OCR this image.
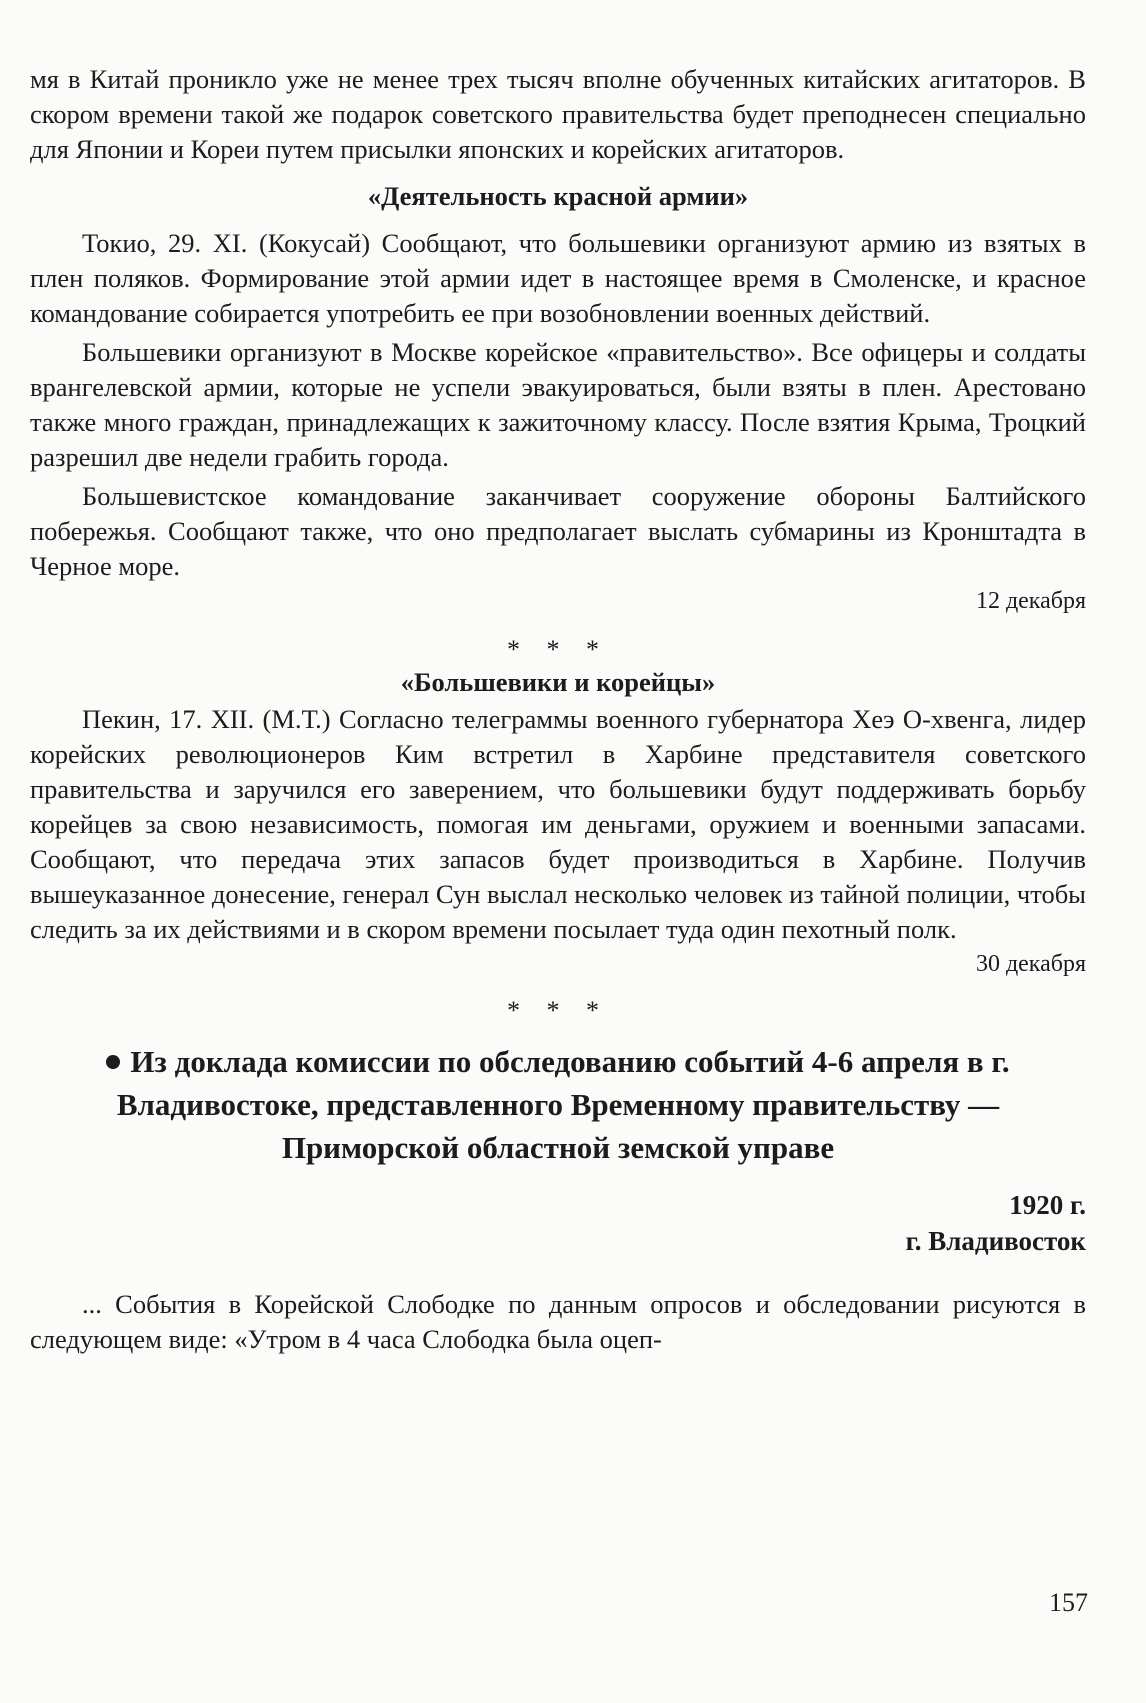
мя в Китай проникло уже не менее трех тысяч вполне обученных китайских агитаторов. В скором времени такой же подарок советского правительства будет преподнесен специально для Японии и Кореи путем присылки японских и корейских агитаторов.

«Деятельность красной армии»

Токио, 29. XI. (Кокусай) Сообщают, что большевики организуют армию из взятых в плен поляков. Формирование этой армии идет в настоящее время в Смоленске, и красное командование собирается употребить ее при возобновлении военных действий.

Большевики организуют в Москве корейское «правительство». Все офицеры и солдаты врангелевской армии, которые не успели эвакуироваться, были взяты в плен. Арестовано также много граждан, принадлежащих к зажиточному классу. После взятия Крыма, Троцкий разрешил две недели грабить города.

Большевистское командование заканчивает сооружение обороны Балтийского побережья. Сообщают также, что оно предполагает выслать субмарины из Кронштадта в Черное море.

12 декабря
* * *
«Большевики и корейцы»

Пекин, 17. XII. (М.Т.) Согласно телеграммы военного губернатора Хеэ О-хвенга, лидер корейских революционеров Ким встретил в Харбине представителя советского правительства и заручился его заверением, что большевики будут поддерживать борьбу корейцев за свою независимость, помогая им деньгами, оружием и военными запасами. Сообщают, что передача этих запасов будет производиться в Харбине. Получив вышеуказанное донесение, генерал Сун выслал несколько человек из тайной полиции, чтобы следить за их действиями и в скором времени посылает туда один пехотный полк.

30 декабря
* * *
Из доклада комиссии по обследованию событий 4-6 апреля в г. Владивостоке, представленного Временному правительству — Приморской областной земской управе
1920 г.
г. Владивосток

... События в Корейской Слободке по данным опросов и обследовании рисуются в следующем виде: «Утром в 4 часа Слободка была оцеп-

157
